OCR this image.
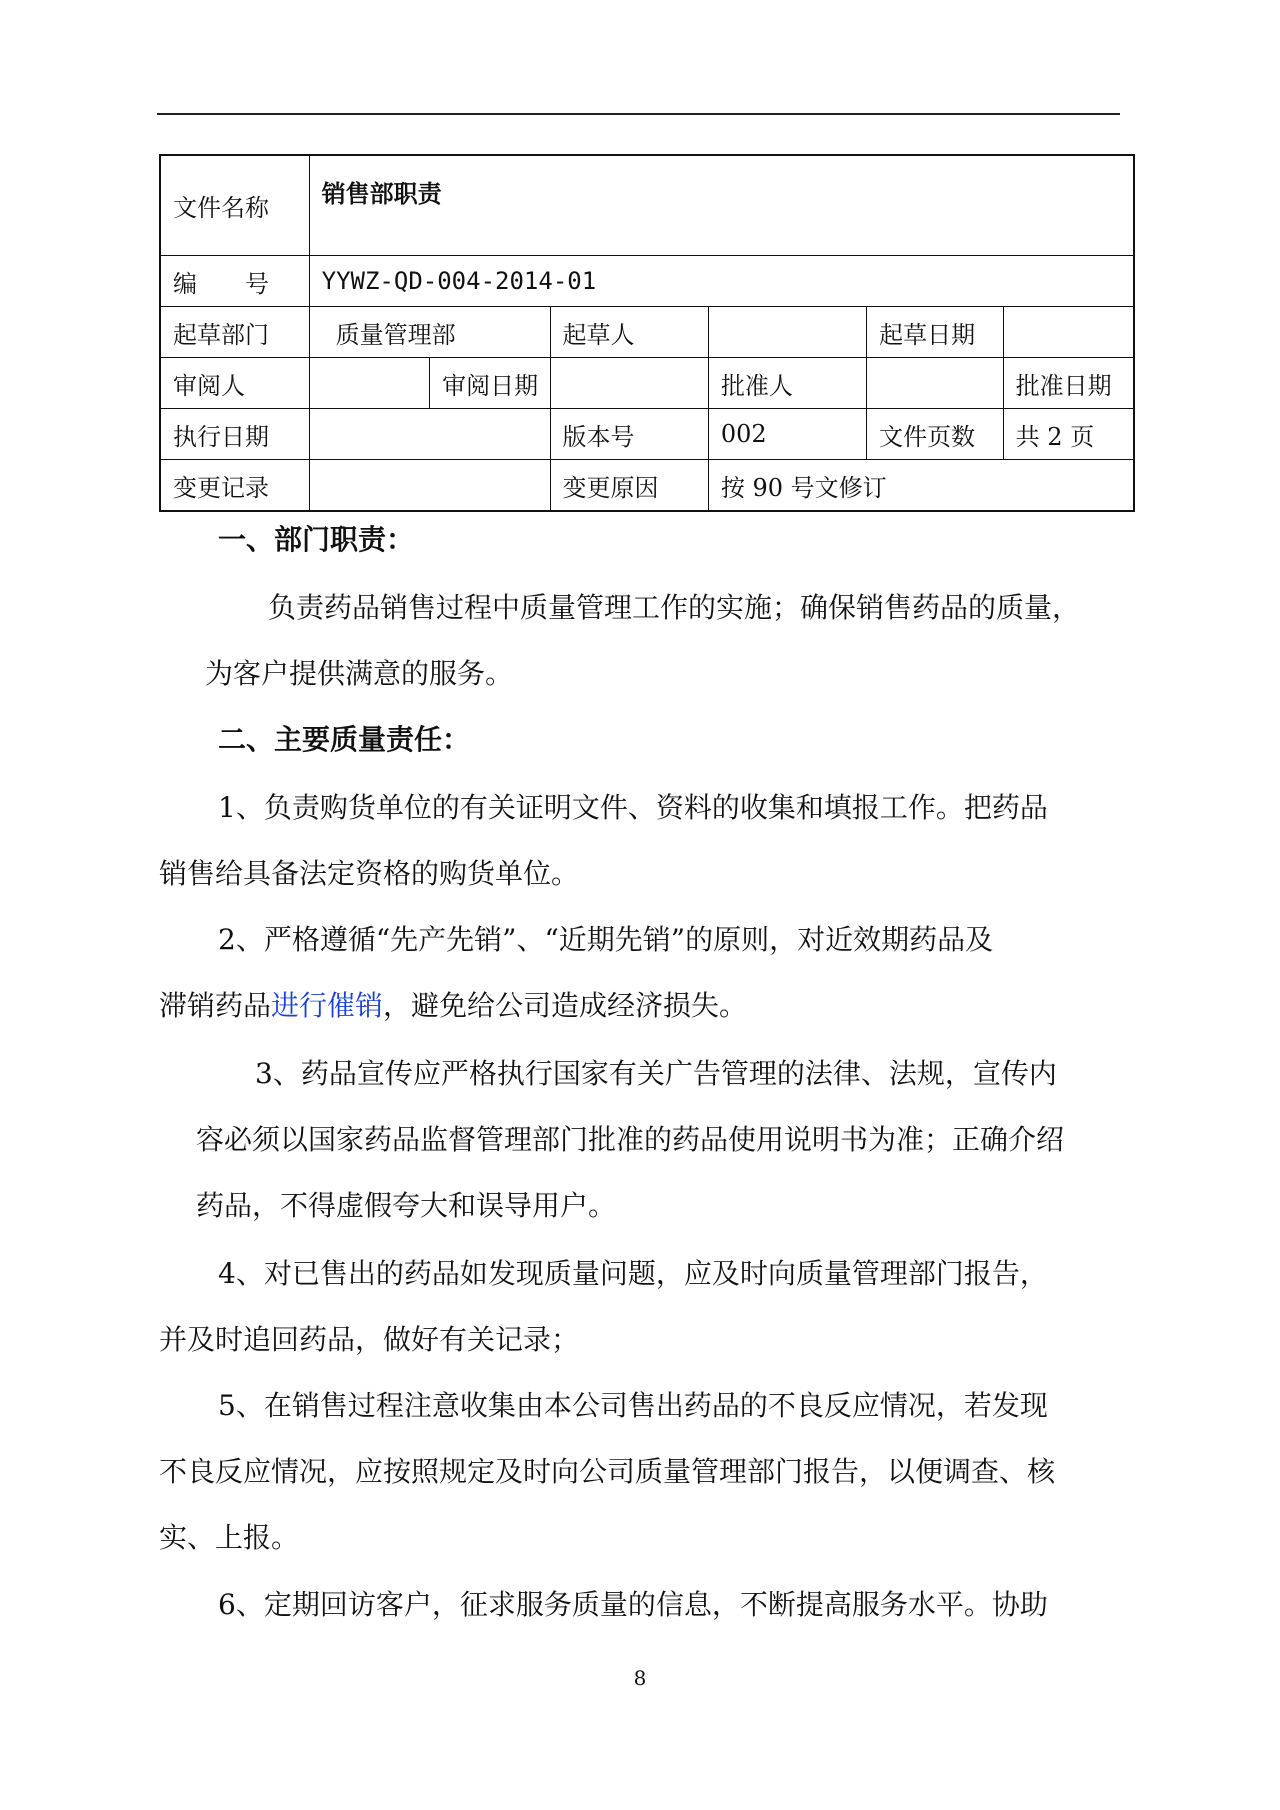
文件名称	销售部职责					
编　　号	YYWZ-QD-004-2014-01					
起草部门	质量管理部		起草人		起草日期	
审阅人		审阅日期		批准人		批准日期
执行日期			版本号	002	文件页数	共 2 页
变更记录			变更原因	按 90 号文修订		
一、部门职责：
负责药品销售过程中质量管理工作的实施；确保销售药品的质量，
为客户提供满意的服务。
二、主要质量责任：
1、负责购货单位的有关证明文件、资料的收集和填报工作。把药品
销售给具备法定资格的购货单位。
2、严格遵循“先产先销”、“近期先销”的原则，对近效期药品及
滞销药品进行催销，避免给公司造成经济损失。
3、药品宣传应严格执行国家有关广告管理的法律、法规，宣传内
容必须以国家药品监督管理部门批准的药品使用说明书为准；正确介绍
药品，不得虚假夸大和误导用户。
4、对已售出的药品如发现质量问题，应及时向质量管理部门报告，
并及时追回药品，做好有关记录；
5、在销售过程注意收集由本公司售出药品的不良反应情况，若发现
不良反应情况，应按照规定及时向公司质量管理部门报告，以便调查、核
实、上报。
6、定期回访客户，征求服务质量的信息，不断提高服务水平。协助
8
